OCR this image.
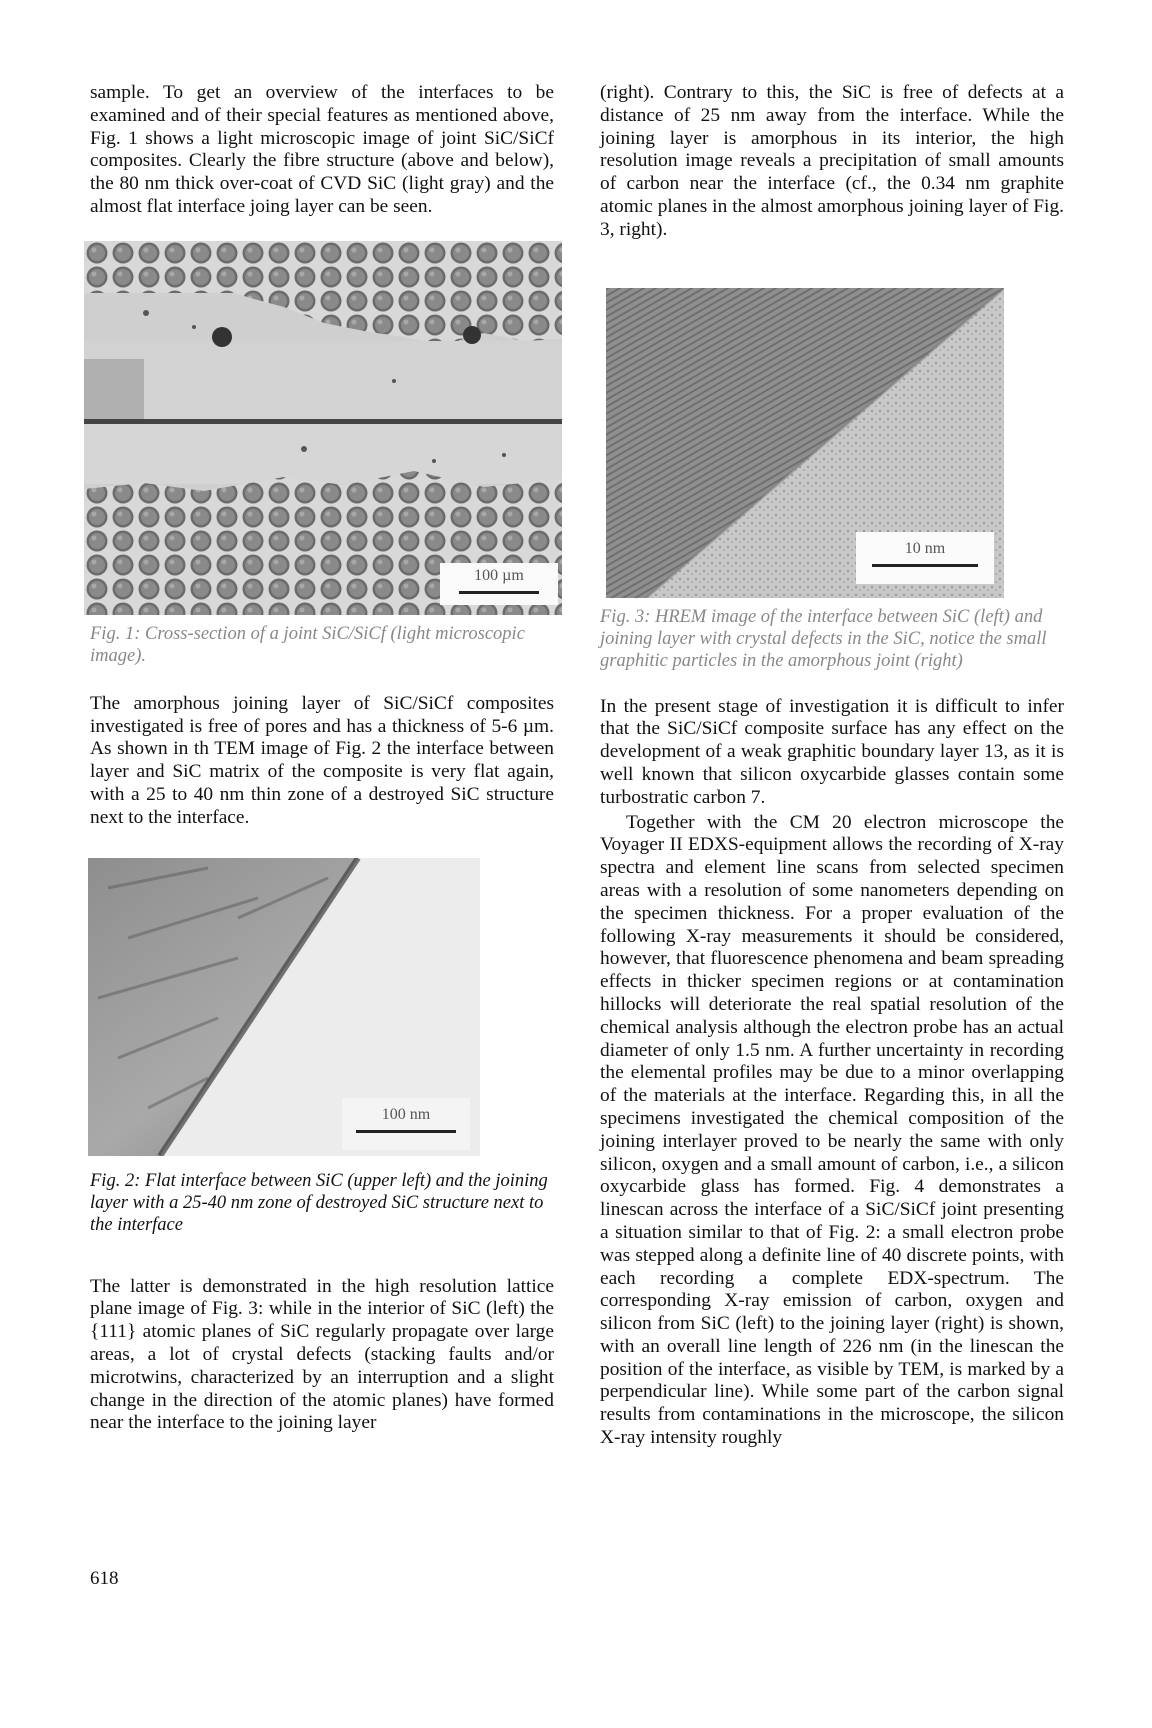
sample. To get an overview of the interfaces to be examined and of their special features as mentioned above, Fig. 1 shows a light microscopic image of joint SiC/SiCf composites. Clearly the fibre structure (above and below), the 80 nm thick over-coat of CVD SiC (light gray) and the almost flat interface joing layer can be seen.

100 µm

Fig. 1: Cross-section of a joint SiC/SiCf (light microscopic image).

The amorphous joining layer of SiC/SiCf composites investigated is free of pores and has a thickness of 5-6 µm. As shown in th TEM image of Fig. 2 the interface between layer and SiC matrix of the composite is very flat again, with a 25 to 40 nm thin zone of a destroyed SiC structure next to the interface.

100 nm

Fig. 2: Flat interface between SiC (upper left) and the joining layer with a 25-40 nm zone of destroyed SiC structure next to the interface

The latter is demonstrated in the high resolution lattice plane image of Fig. 3: while in the interior of SiC (left) the {111} atomic planes of SiC regularly propagate over large areas, a lot of crystal defects (stacking faults and/or microtwins, characterized by an interruption and a slight change in the direction of the atomic planes) have formed near the interface to the joining layer

(right). Contrary to this, the SiC is free of defects at a distance of 25 nm away from the interface. While the joining layer is amorphous in its interior, the high resolution image reveals a precipitation of small amounts of carbon near the interface (cf., the 0.34 nm graphite atomic planes in the almost amorphous joining layer of Fig. 3, right).

10 nm

Fig. 3: HREM image of the interface between SiC (left) and joining layer with crystal defects in the SiC, notice the small graphitic particles in the amorphous joint (right)

In the present stage of investigation it is difficult to infer that the SiC/SiCf composite surface has any effect on the development of a weak graphitic boundary layer 13, as it is well known that silicon oxycarbide glasses contain some turbostratic carbon 7.

Together with the CM 20 electron microscope the Voyager II EDXS-equipment allows the recording of X-ray spectra and element line scans from selected specimen areas with a resolution of some nanometers depending on the specimen thickness. For a proper evaluation of the following X-ray measurements it should be considered, however, that fluorescence phenomena and beam spreading effects in thicker specimen regions or at contamination hillocks will deteriorate the real spatial resolution of the chemical analysis although the electron probe has an actual diameter of only 1.5 nm. A further uncertainty in recording the elemental profiles may be due to a minor overlapping of the materials at the interface. Regarding this, in all the specimens investigated the chemical composition of the joining interlayer proved to be nearly the same with only silicon, oxygen and a small amount of carbon, i.e., a silicon oxycarbide glass has formed. Fig. 4 demonstrates a linescan across the interface of a SiC/SiCf joint presenting a situation similar to that of Fig. 2: a small electron probe was stepped along a definite line of 40 discrete points, with each recording a complete EDX-spectrum. The corresponding X-ray emission of carbon, oxygen and silicon from SiC (left) to the joining layer (right) is shown, with an overall line length of 226 nm (in the linescan the position of the interface, as visible by TEM, is marked by a perpendicular line). While some part of the carbon signal results from contaminations in the microscope, the silicon X-ray intensity roughly

618
